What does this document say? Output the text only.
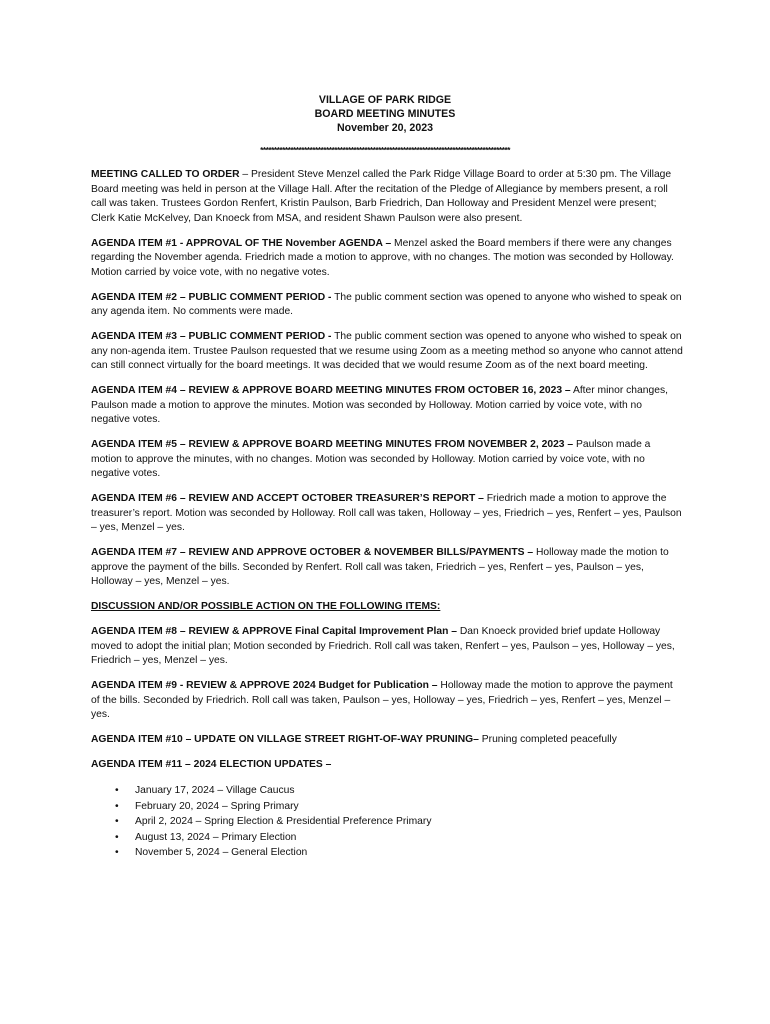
VILLAGE OF PARK RIDGE
BOARD MEETING MINUTES
November 20, 2023
*******************************************************************************************

MEETING CALLED TO ORDER – President Steve Menzel called the Park Ridge Village Board to order at 5:30 pm. The Village Board meeting was held in person at the Village Hall. After the recitation of the Pledge of Allegiance by members present, a roll call was taken. Trustees Gordon Renfert, Kristin Paulson, Barb Friedrich, Dan Holloway and President Menzel were present; Clerk Katie McKelvey, Dan Knoeck from MSA, and resident Shawn Paulson were also present.

AGENDA ITEM #1 - APPROVAL OF THE November AGENDA – Menzel asked the Board members if there were any changes regarding the November agenda. Friedrich made a motion to approve, with no changes. The motion was seconded by Holloway. Motion carried by voice vote, with no negative votes.

AGENDA ITEM #2 – PUBLIC COMMENT PERIOD - The public comment section was opened to anyone who wished to speak on any agenda item. No comments were made.

AGENDA ITEM #3 – PUBLIC COMMENT PERIOD - The public comment section was opened to anyone who wished to speak on any non-agenda item. Trustee Paulson requested that we resume using Zoom as a meeting method so anyone who cannot attend can still connect virtually for the board meetings. It was decided that we would resume Zoom as of the next board meeting.

AGENDA ITEM #4 – REVIEW & APPROVE BOARD MEETING MINUTES FROM OCTOBER 16, 2023 – After minor changes, Paulson made a motion to approve the minutes. Motion was seconded by Holloway. Motion carried by voice vote, with no negative votes.

AGENDA ITEM #5 – REVIEW & APPROVE BOARD MEETING MINUTES FROM NOVEMBER 2, 2023 – Paulson made a motion to approve the minutes, with no changes. Motion was seconded by Holloway. Motion carried by voice vote, with no negative votes.

AGENDA ITEM #6 – REVIEW AND ACCEPT OCTOBER TREASURER’S REPORT – Friedrich made a motion to approve the treasurer’s report. Motion was seconded by Holloway. Roll call was taken, Holloway – yes, Friedrich – yes, Renfert – yes, Paulson – yes, Menzel – yes.

AGENDA ITEM #7 – REVIEW AND APPROVE OCTOBER & NOVEMBER BILLS/PAYMENTS – Holloway made the motion to approve the payment of the bills. Seconded by Renfert. Roll call was taken, Friedrich – yes, Renfert – yes, Paulson – yes, Holloway – yes, Menzel – yes.

DISCUSSION AND/OR POSSIBLE ACTION ON THE FOLLOWING ITEMS:

AGENDA ITEM #8 – REVIEW & APPROVE Final Capital Improvement Plan – Dan Knoeck provided brief update Holloway moved to adopt the initial plan; Motion seconded by Friedrich. Roll call was taken, Renfert – yes, Paulson – yes, Holloway – yes, Friedrich – yes, Menzel – yes.

AGENDA ITEM #9 - REVIEW & APPROVE 2024 Budget for Publication – Holloway made the motion to approve the payment of the bills. Seconded by Friedrich. Roll call was taken, Paulson – yes, Holloway – yes, Friedrich – yes, Renfert – yes, Menzel – yes.

AGENDA ITEM #10 – UPDATE ON VILLAGE STREET RIGHT-OF-WAY PRUNING– Pruning completed peacefully

AGENDA ITEM #11 – 2024 ELECTION UPDATES –

• January 17, 2024 – Village Caucus
• February 20, 2024 – Spring Primary
• April 2, 2024 – Spring Election & Presidential Preference Primary
• August 13, 2024 – Primary Election
• November 5, 2024 – General Election
